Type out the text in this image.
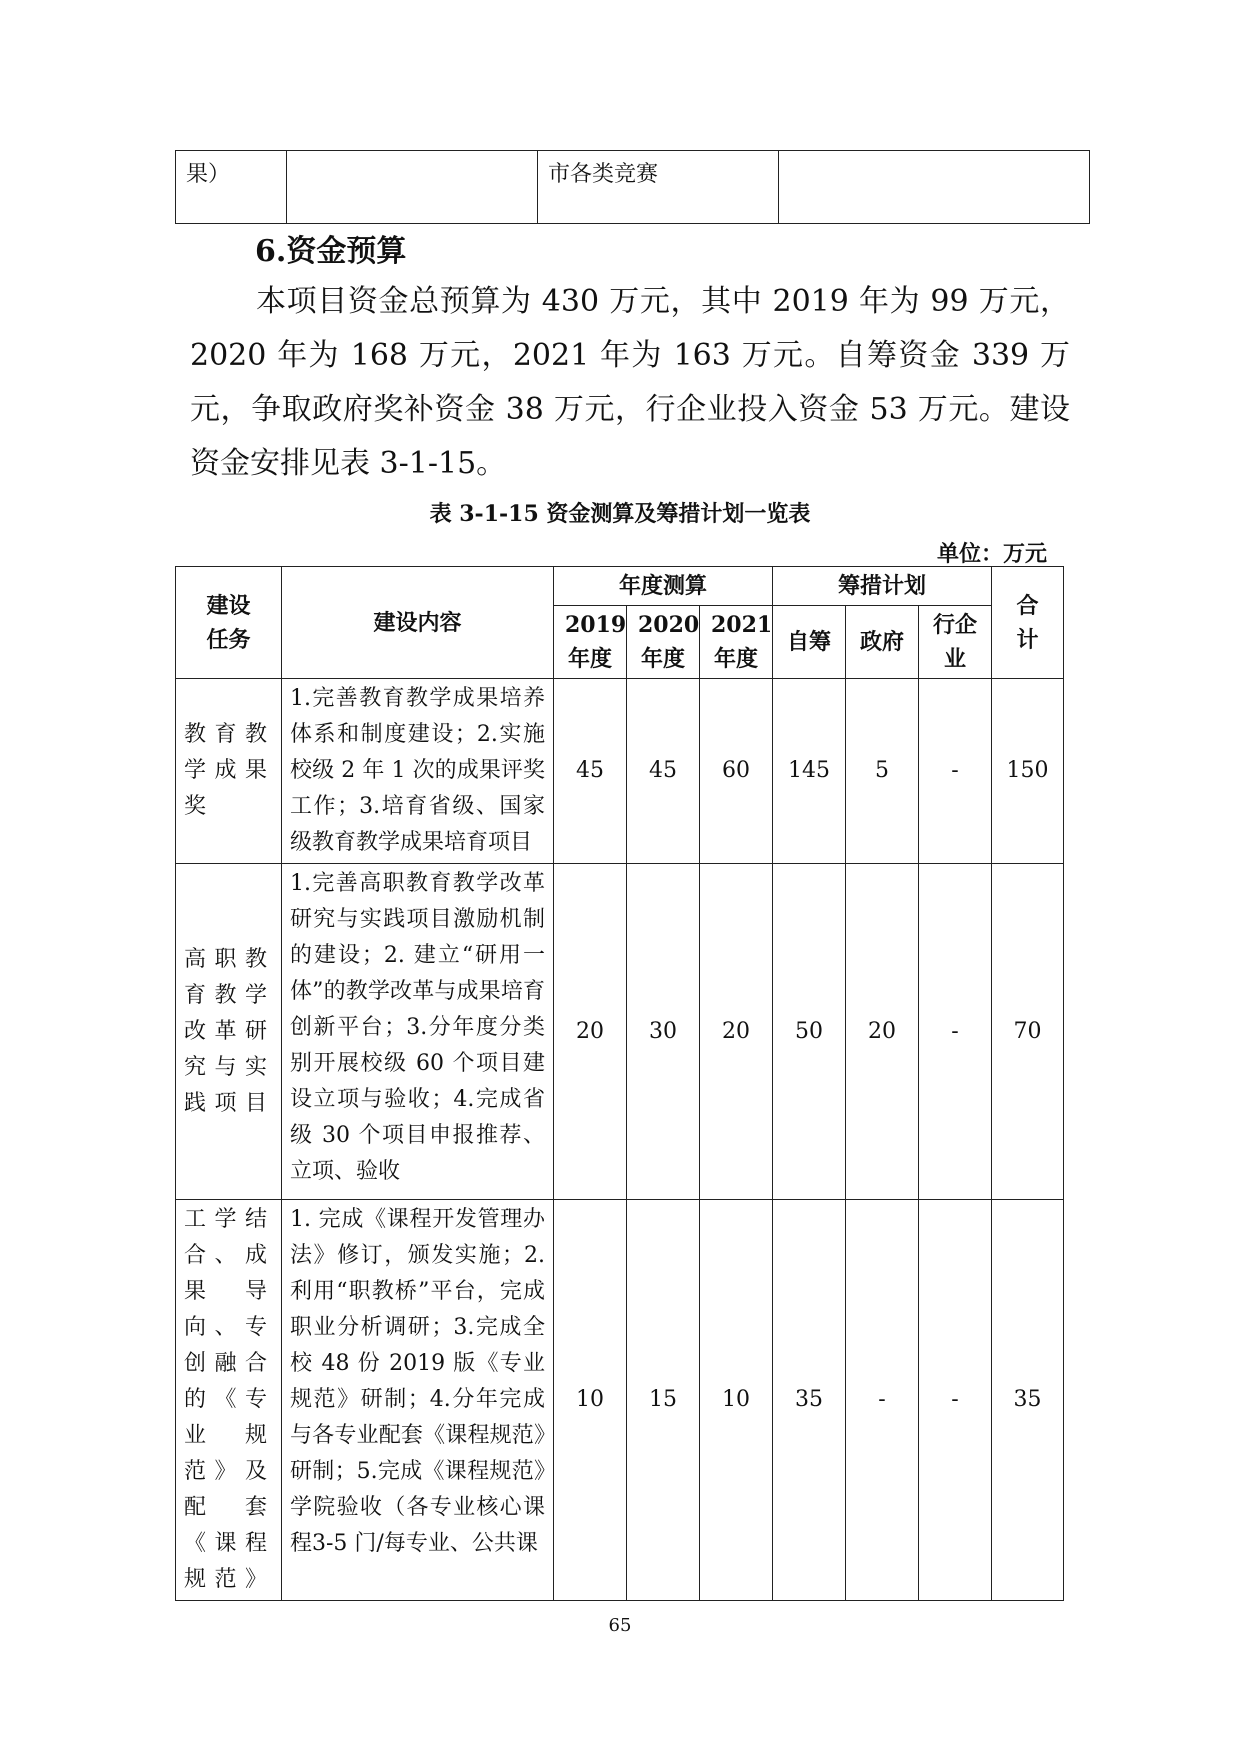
果）		市各类竞赛	
6.资金预算

本项目资金总预算为 430 万元，其中 2019 年为 99 万元，2020 年为 168 万元，2021 年为 163 万元。自筹资金 339 万元，争取政府奖补资金 38 万元，行企业投入资金 53 万元。建设资金安排见表 3-1-15。

表 3-1-15 资金测算及筹措计划一览表

单位：万元

建设任务	建设内容	年度测算			筹措计划			合计

		2019年度	2020年度	2021年度	自筹	政府	行企业	

教育教学成果奖	1.完善教育教学成果培养体系和制度建设；2.实施校级 2 年 1 次的成果评奖工作；3.培育省级、国家级教育教学成果培育项目	45	45	60	145	5	-	150
高职教育教学改革研究与实践项目	1.完善高职教育教学改革研究与实践项目激励机制的建设；2. 建立“研用一体”的教学改革与成果培育创新平台；3.分年度分类别开展校级 60 个项目建设立项与验收；4.完成省级 30 个项目申报推荐、立项、验收	20	30	20	50	20	-	70
工学结合、成果导向、专创融合的《专业规范》及配套《课程规范》	1. 完成《课程开发管理办法》修订，颁发实施；2.利用“职教桥”平台，完成职业分析调研；3.完成全校 48 份 2019 版《专业规范》研制；4.分年完成与各专业配套《课程规范》研制；5.完成《课程规范》学院验收（各专业核心课程3-5 门/每专业、公共课	10	15	10	35	-	-	35

65
